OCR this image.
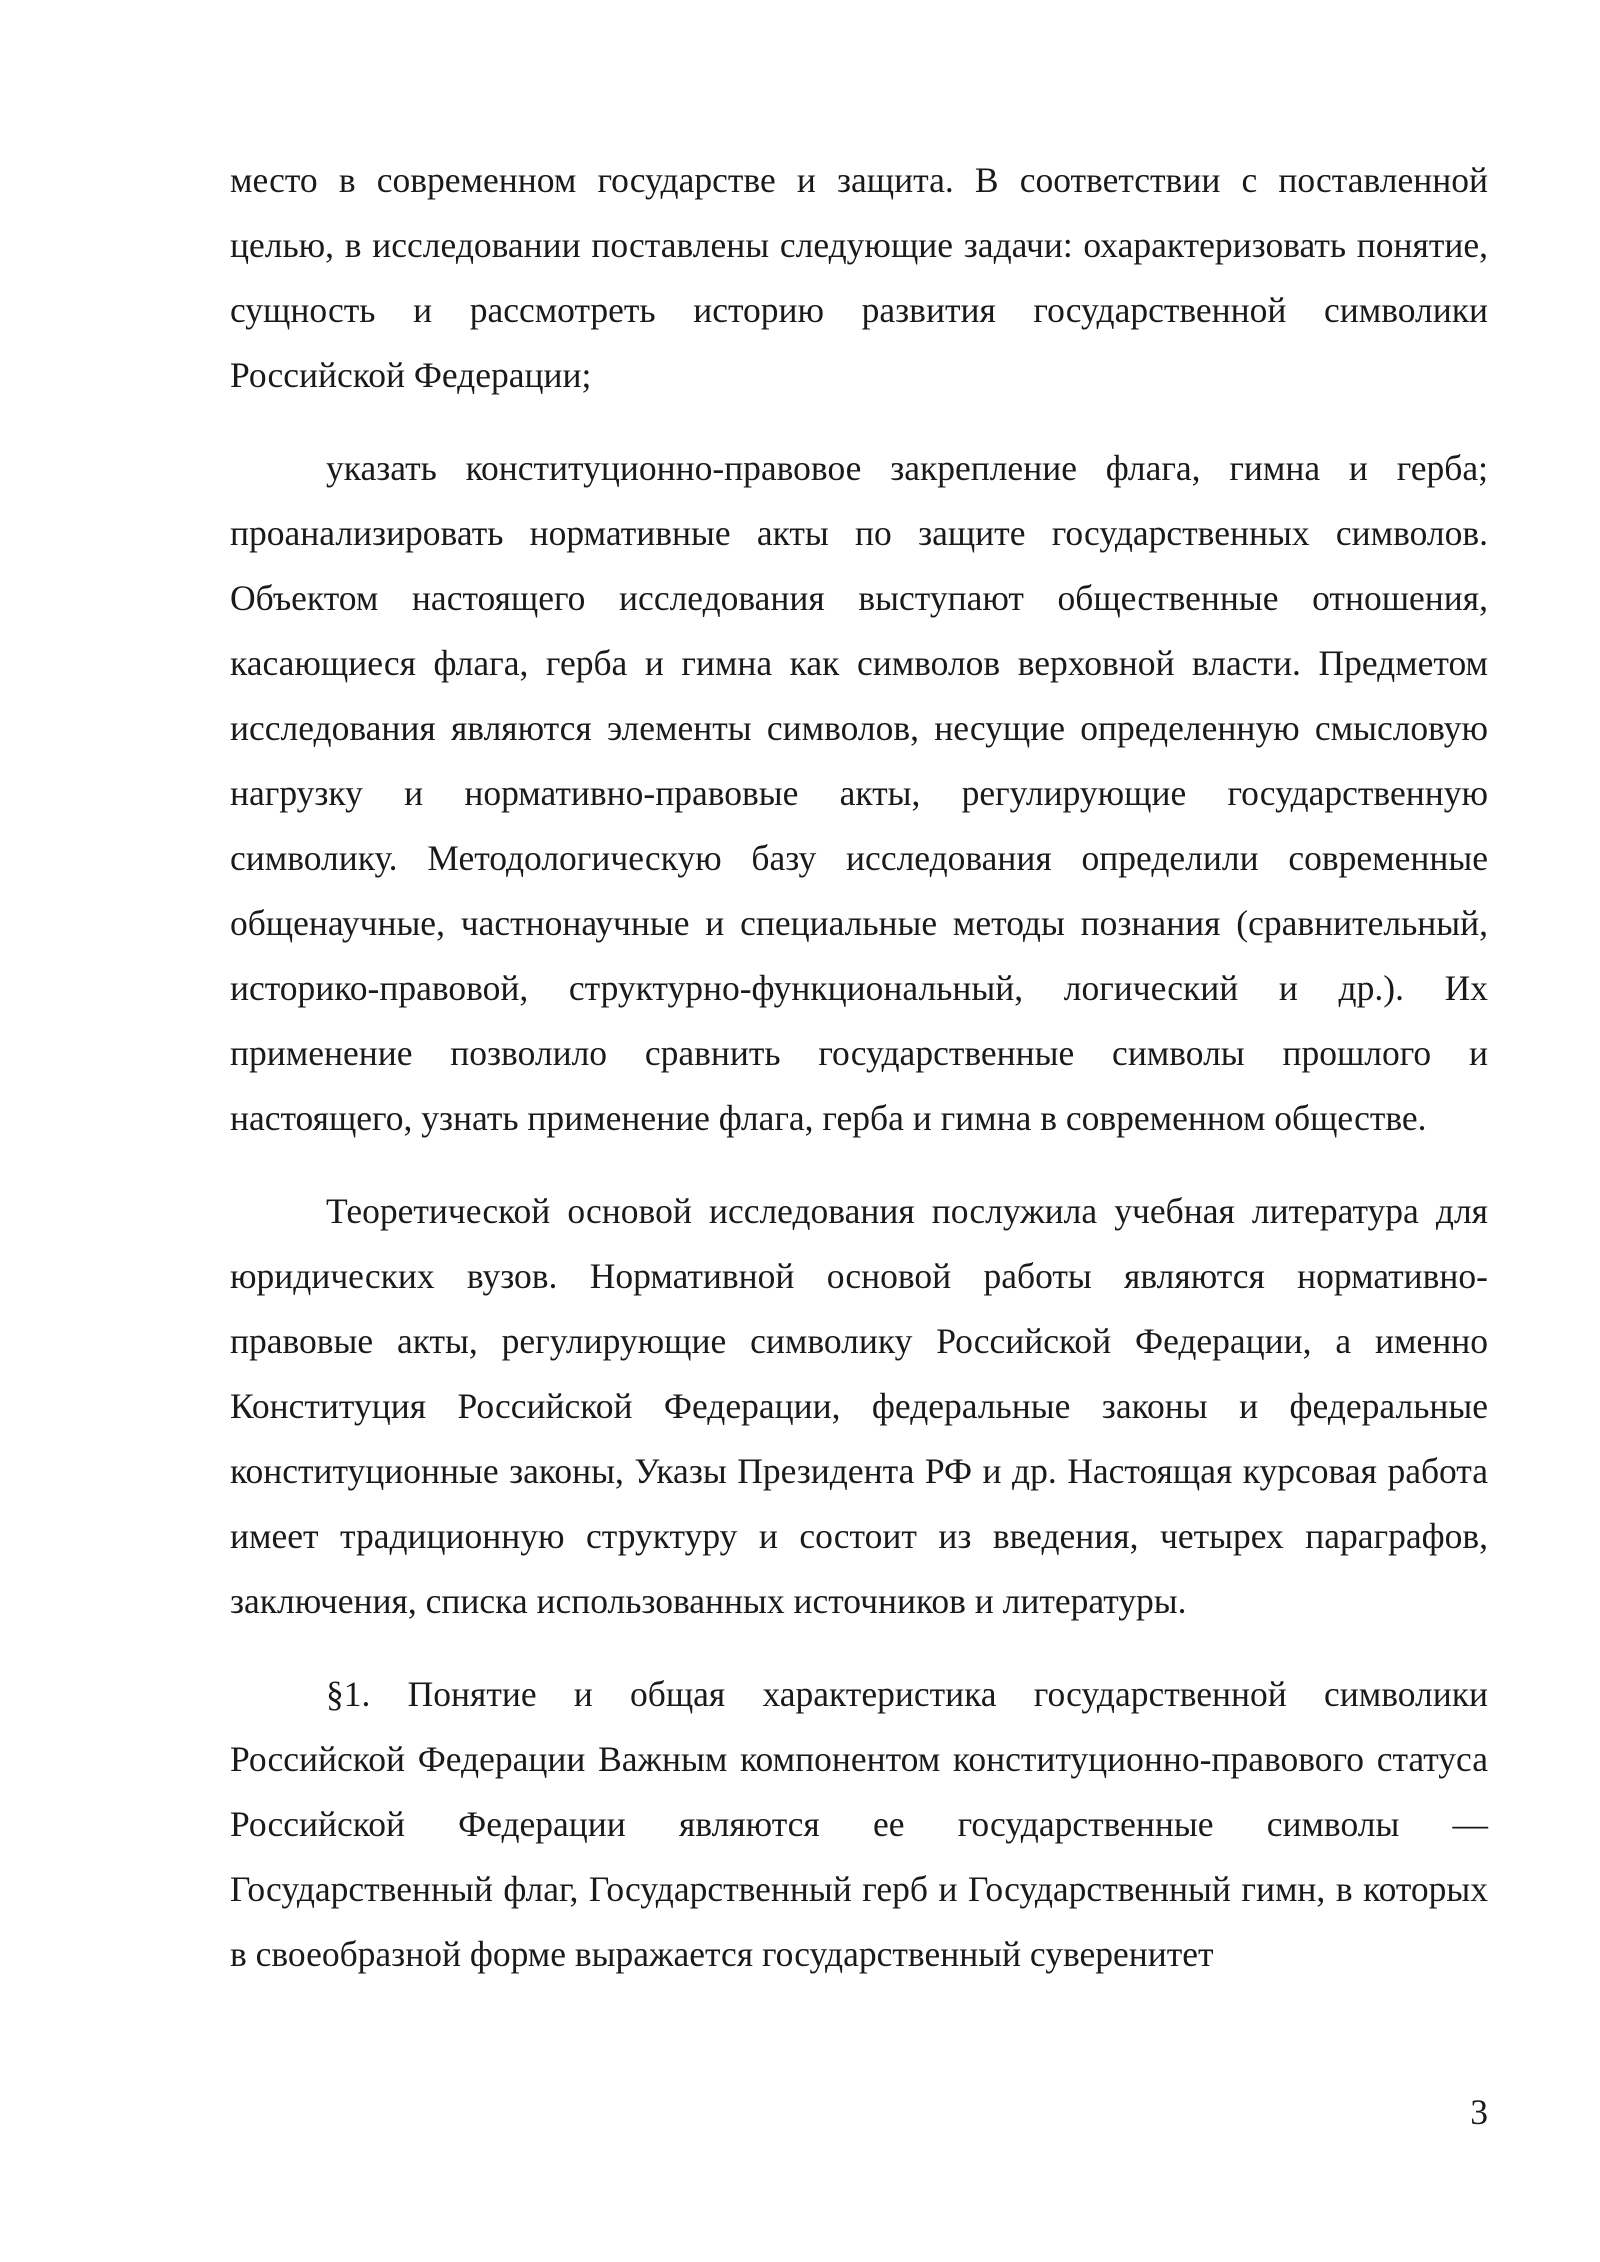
место в современном государстве и защита. В соответствии с поставленной целью, в исследовании поставлены следующие задачи: охарактеризовать понятие, сущность и рассмотреть историю развития государственной символики Российской Федерации;

указать конституционно-правовое закрепление флага, гимна и герба; проанализировать нормативные акты по защите государственных символов. Объектом настоящего исследования выступают общественные отношения, касающиеся флага, герба и гимна как символов верховной власти. Предметом исследования являются элементы символов, несущие определенную смысловую нагрузку и нормативно-правовые акты, регулирующие государственную символику. Методологическую базу исследования определили современные общенаучные, частнонаучные и специальные методы познания (сравнительный, историко-правовой, структурно-функциональный, логический и др.). Их применение позволило сравнить государственные символы прошлого и настоящего, узнать применение флага, герба и гимна в современном обществе.

Теоретической основой исследования послужила учебная литература для юридических вузов. Нормативной основой работы являются нормативно-правовые акты, регулирующие символику Российской Федерации, а именно Конституция Российской Федерации, федеральные законы и федеральные конституционные законы, Указы Президента РФ и др. Настоящая курсовая работа имеет традиционную структуру и состоит из введения, четырех параграфов, заключения, списка использованных источников и литературы.

§1. Понятие и общая характеристика государственной символики Российской Федерации Важным компонентом конституционно-правового статуса Российской Федерации являются ее государственные символы — Государственный флаг, Государственный герб и Государственный гимн, в которых в своеобразной форме выражается государственный суверенитет

3
